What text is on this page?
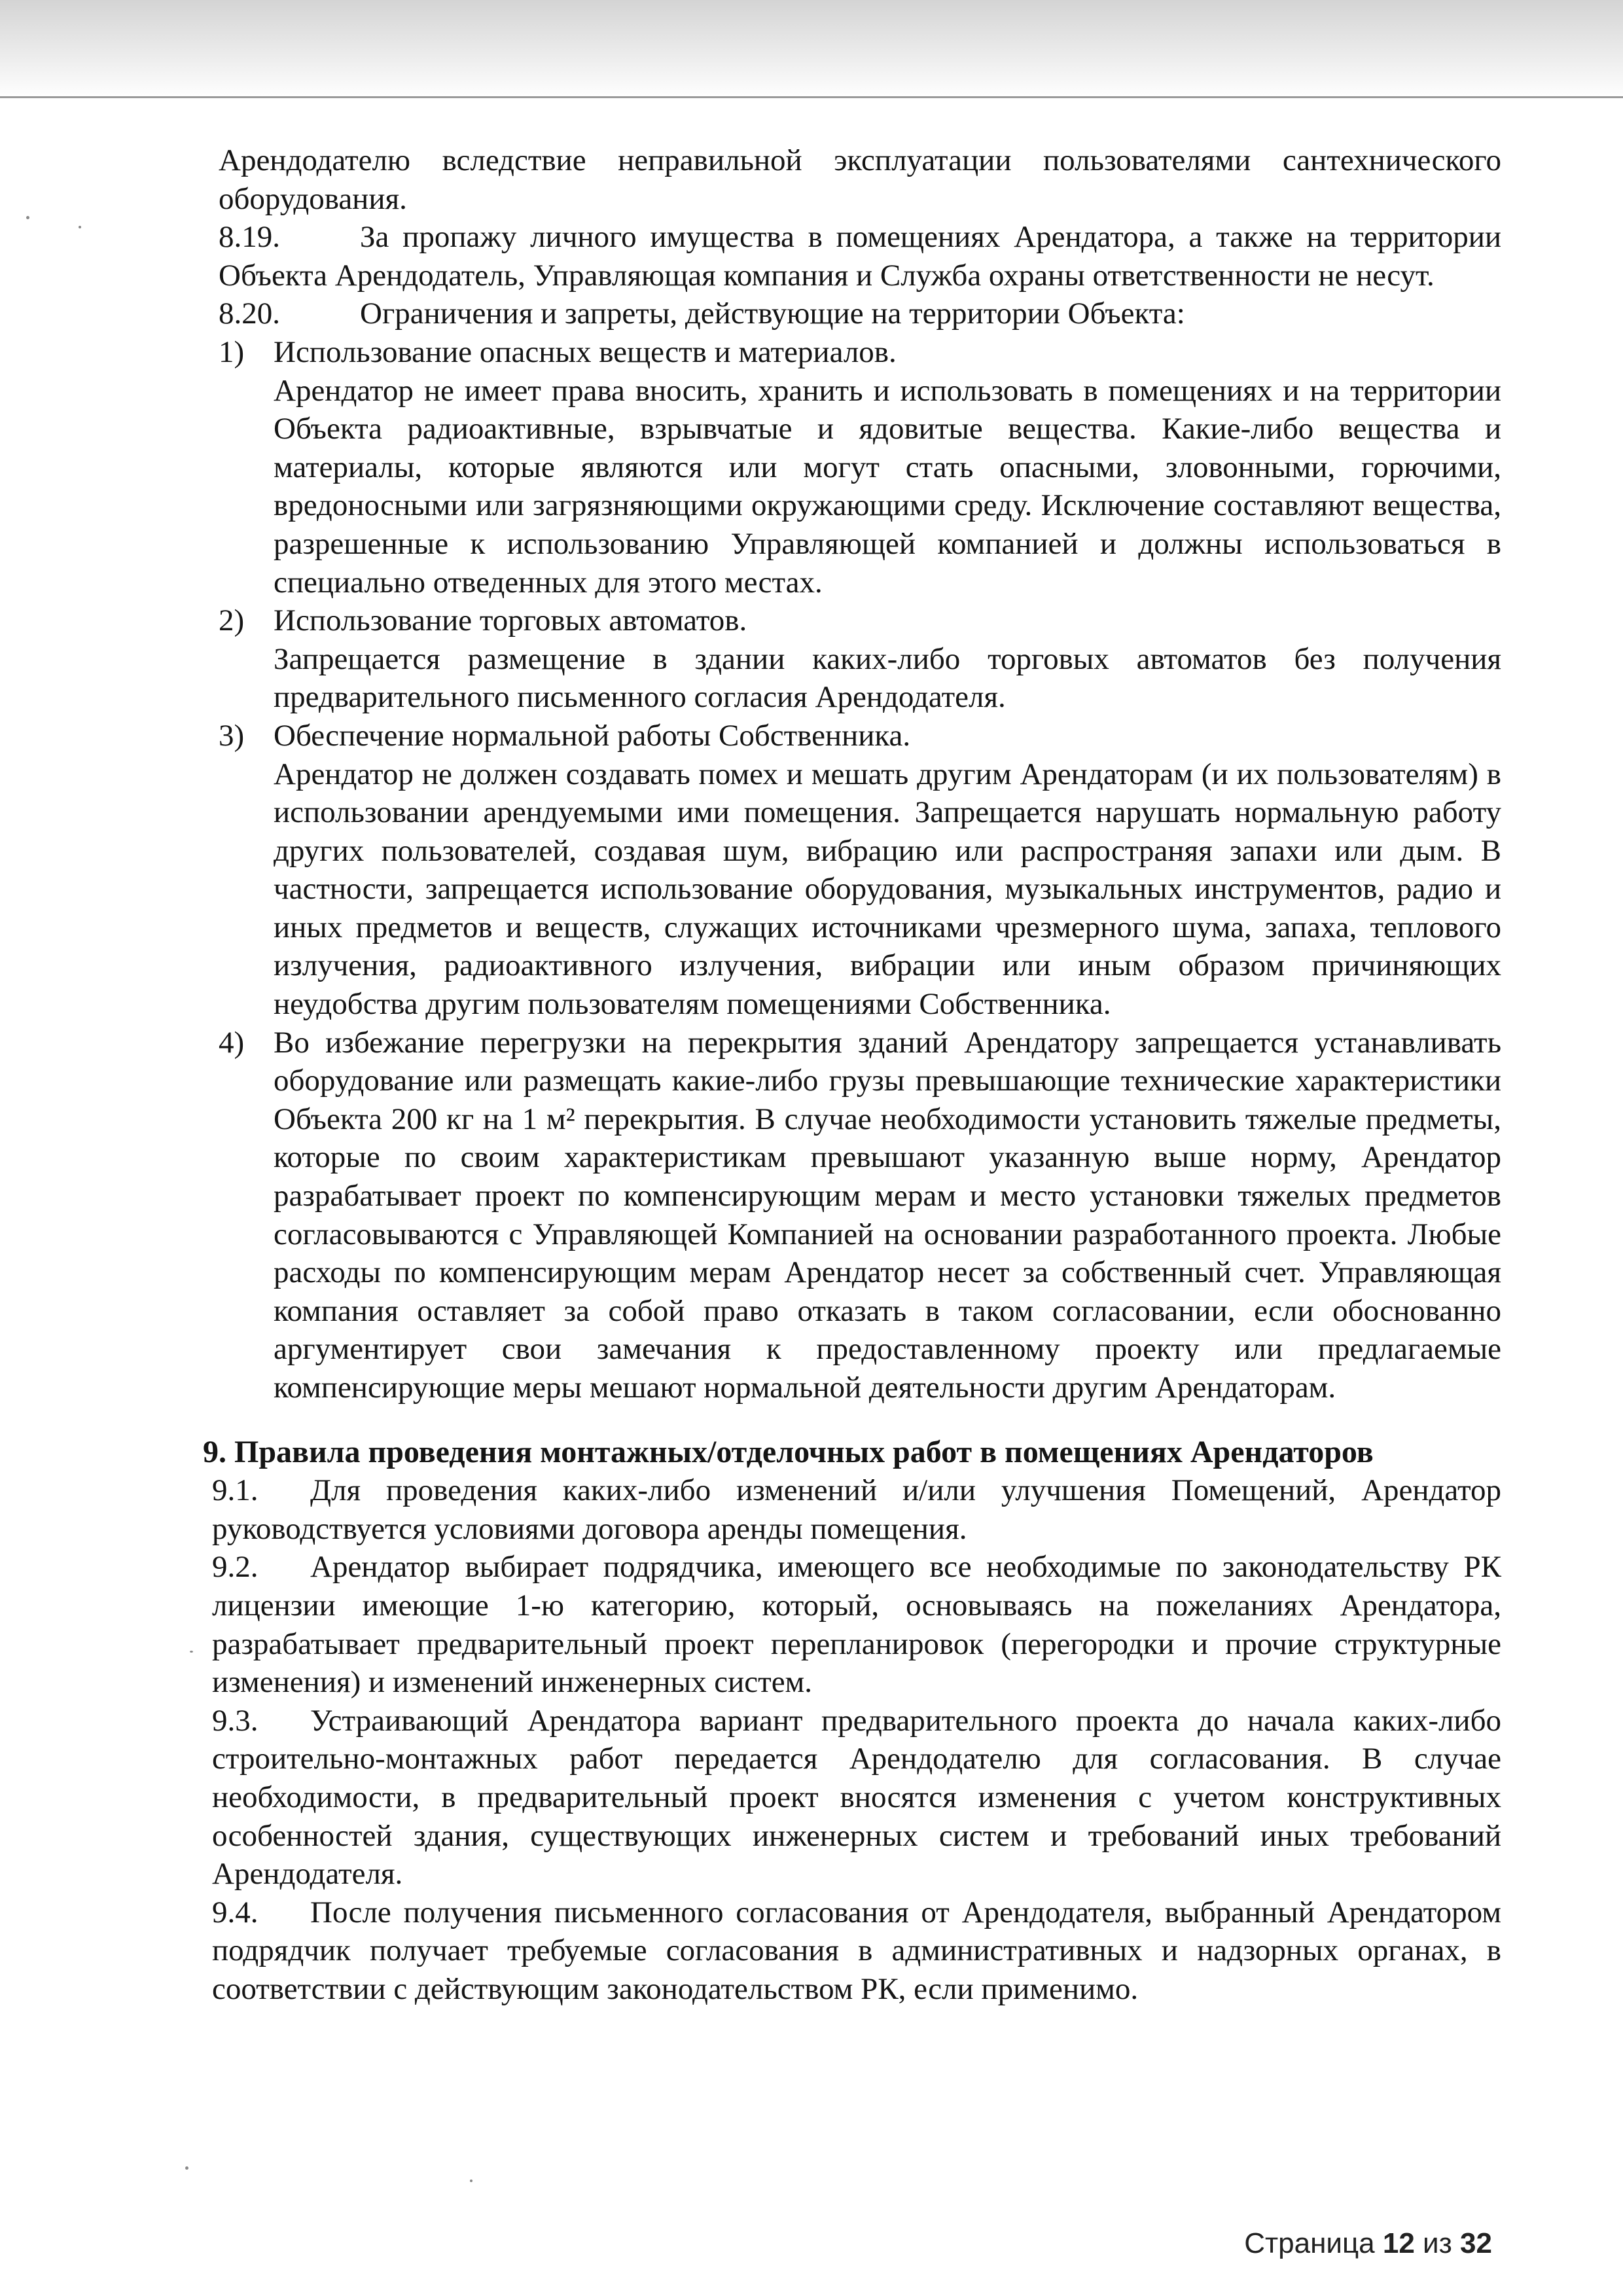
Арендодателю вследствие неправильной эксплуатации пользователями сантехнического оборудования.

8.19.	За пропажу личного имущества в помещениях Арендатора, а также на территории Объекта Арендодатель, Управляющая компания и Служба охраны ответственности не несут.

8.20.	Ограничения и запреты, действующие на территории Объекта:

1) Использование опасных веществ и материалов.

Арендатор не имеет права вносить, хранить и использовать в помещениях и на территории Объекта радиоактивные, взрывчатые и ядовитые вещества. Какие-либо вещества и материалы, которые являются или могут стать опасными, зловонными, горючими, вредоносными или загрязняющими окружающими среду. Исключение составляют вещества, разрешенные к использованию Управляющей компанией и должны использоваться в специально отведенных для этого местах.

2) Использование торговых автоматов.

Запрещается размещение в здании каких-либо торговых автоматов без получения предварительного письменного согласия Арендодателя.

3) Обеспечение нормальной работы Собственника.

Арендатор не должен создавать помех и мешать другим Арендаторам (и их пользователям) в использовании арендуемыми ими помещения. Запрещается нарушать нормальную работу других пользователей, создавая шум, вибрацию или распространяя запахи или дым. В частности, запрещается использование оборудования, музыкальных инструментов, радио и иных предметов и веществ, служащих источниками чрезмерного шума, запаха, теплового излучения, радиоактивного излучения, вибрации или иным образом причиняющих неудобства другим пользователям помещениями Собственника.

4) Во избежание перегрузки на перекрытия зданий Арендатору запрещается устанавливать оборудование или размещать какие-либо грузы превышающие технические характеристики Объекта 200 кг на 1 м² перекрытия. В случае необходимости установить тяжелые предметы, которые по своим характеристикам превышают указанную выше норму, Арендатор разрабатывает проект по компенсирующим мерам и место установки тяжелых предметов согласовываются с Управляющей Компанией на основании разработанного проекта. Любые расходы по компенсирующим мерам Арендатор несет за собственный счет. Управляющая компания оставляет за собой право отказать в таком согласовании, если обоснованно аргументирует свои замечания к предоставленному проекту или предлагаемые компенсирующие меры мешают нормальной деятельности другим Арендаторам.

9. Правила проведения монтажных/отделочных работ в помещениях Арендаторов

9.1. Для проведения каких-либо изменений и/или улучшения Помещений, Арендатор руководствуется условиями договора аренды помещения.

9.2. Арендатор выбирает подрядчика, имеющего все необходимые по законодательству РК лицензии имеющие 1-ю категорию, который, основываясь на пожеланиях Арендатора, разрабатывает предварительный проект перепланировок (перегородки и прочие структурные изменения) и изменений инженерных систем.

9.3. Устраивающий Арендатора вариант предварительного проекта до начала каких-либо строительно-монтажных работ передается Арендодателю для согласования. В случае необходимости, в предварительный проект вносятся изменения с учетом конструктивных особенностей здания, существующих инженерных систем и требований иных требований Арендодателя.

9.4. После получения письменного согласования от Арендодателя, выбранный Арендатором подрядчик получает требуемые согласования в административных и надзорных органах, в соответствии с действующим законодательством РК, если применимо.

Страница 12 из 32
